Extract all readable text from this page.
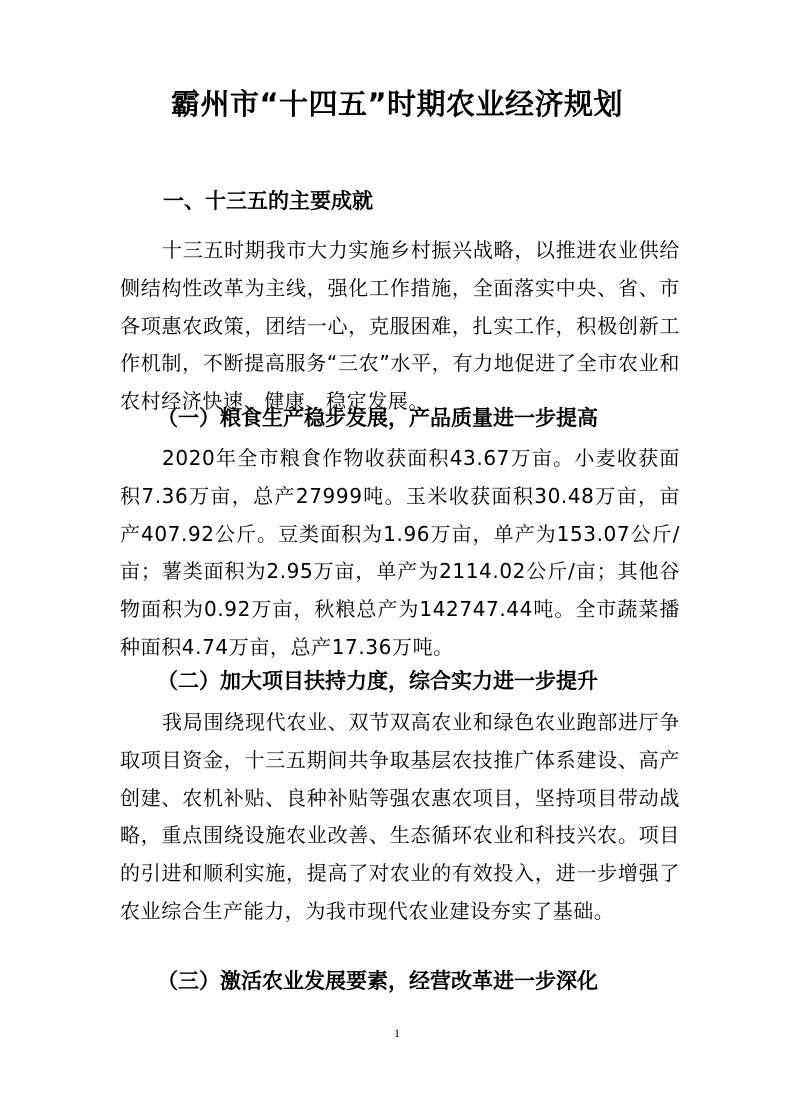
霸州市“十四五”时期农业经济规划
一、十三五的主要成就

十三五时期我市大力实施乡村振兴战略，以推进农业供给侧结构性改革为主线，强化工作措施，全面落实中央、省、市各项惠农政策，团结一心，克服困难，扎实工作，积极创新工作机制，不断提高服务“三农”水平，有力地促进了全市农业和农村经济快速、健康、稳定发展。

（一）粮食生产稳步发展，产品质量进一步提高

2020年全市粮食作物收获面积43.67万亩。小麦收获面积7.36万亩，总产27999吨。玉米收获面积30.48万亩，亩产407.92公斤。豆类面积为1.96万亩，单产为153.07公斤/亩；薯类面积为2.95万亩，单产为2114.02公斤/亩；其他谷物面积为0.92万亩，秋粮总产为142747.44吨。全市蔬菜播种面积4.74万亩，总产17.36万吨。

（二）加大项目扶持力度，综合实力进一步提升

我局围绕现代农业、双节双高农业和绿色农业跑部进厅争取项目资金，十三五期间共争取基层农技推广体系建设、高产创建、农机补贴、良种补贴等强农惠农项目，坚持项目带动战略，重点围绕设施农业改善、生态循环农业和科技兴农。项目的引进和顺利实施，提高了对农业的有效投入，进一步增强了农业综合生产能力，为我市现代农业建设夯实了基础。

（三）激活农业发展要素，经营改革进一步深化
1
